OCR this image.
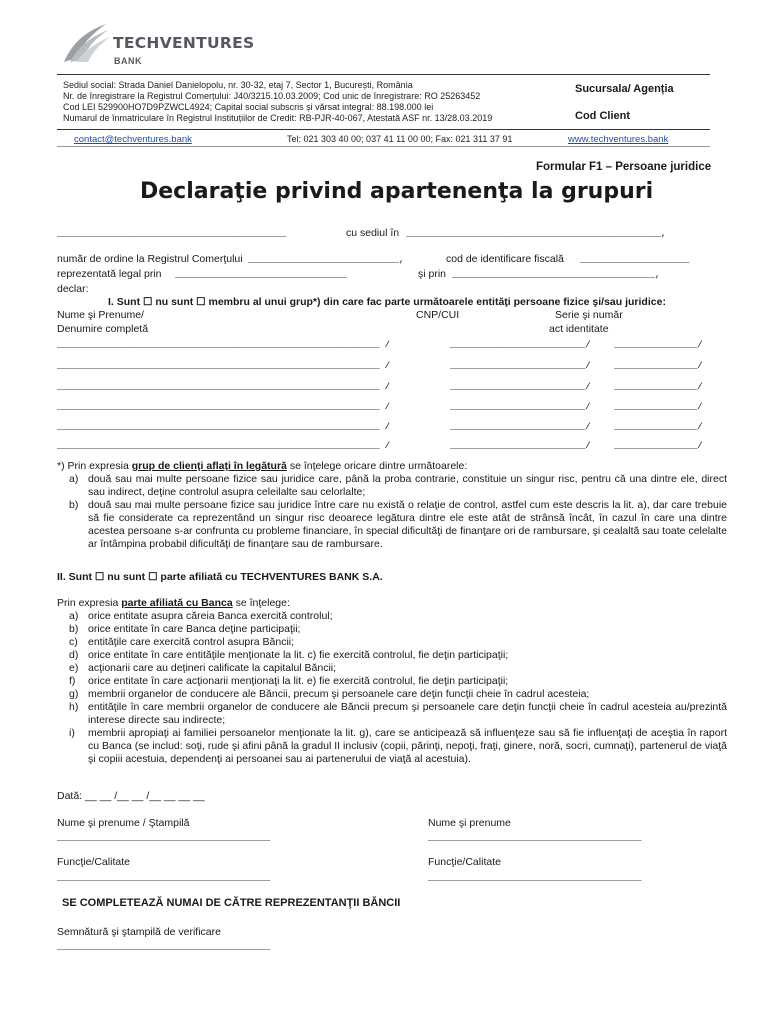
TECHVENTURES
BANK
Sediul social: Strada Daniel Danielopolu, nr. 30-32, etaj 7, Sector 1, București, România
Nr. de înregistrare la Registrul Comerțului: J40/3215.10.03.2009; Cod unic de înregistrare: RO 25263452
Cod LEI 529900HO7D9PZWCL4924; Capital social subscris și vărsat integral: 88.198.000 lei
Numarul de înmatriculare în Registrul Instituțiilor de Credit: RB-PJR-40-067, Atestată ASF nr. 13/28.03.2019
Sucursala/ Agenția
Cod Client
contact@techventures.bank	Tel: 021 303 40 00; 037 41 11 00 00; Fax: 021 311 37 91	www.techventures.bank
Formular F1 – Persoane juridice
Declaraţie privind apartenenţa la grupuri
____________________________________________	cu sediul în _________________________________________________,
număr de ordine la Registrul Comerţului _____________________________,	cod de identificare fiscală _____________________
reprezentată legal prin _________________________________	şi prin _______________________________________,
declar:
I. Sunt ☐ nu sunt ☐ membru al unui grup*) din care fac parte următoarele entităţi persoane fizice şi/sau juridice:
Nume şi Prenume/
Denumire completă
CNP/CUI	Serie şi număr
act identitate
______________________________________________________________ /	__________________________/	________________/
______________________________________________________________ /	__________________________/	________________/
______________________________________________________________ /	__________________________/	________________/
______________________________________________________________ /	__________________________/	________________/
______________________________________________________________ /	__________________________/	________________/
______________________________________________________________ /	__________________________/	________________/
*) Prin expresia grup de clienţi aflaţi în legătură se înţelege oricare dintre următoarele:
a) două sau mai multe persoane fizice sau juridice care, până la proba contrarie, constituie un singur risc, pentru că una dintre ele, direct sau indirect, deţine controlul asupra celeilalte sau celorlalte;
b) două sau mai multe persoane fizice sau juridice între care nu există o relaţie de control, astfel cum este descris la lit. a), dar care trebuie să fie considerate ca reprezentând un singur risc deoarece legătura dintre ele este atât de strânsă încât, în cazul în care una dintre acestea persoane s-ar confrunta cu probleme financiare, în special dificultăţi de finanţare ori de rambursare, şi cealaltă sau toate celelalte ar întâmpina probabil dificultăţi de finanţare sau de rambursare.
II. Sunt ☐ nu sunt ☐ parte afiliată cu TECHVENTURES BANK S.A.
Prin expresia parte afiliată cu Banca se înţelege:
a) orice entitate asupra căreia Banca exercită controlul;
b) orice entitate în care Banca deţine participaţii;
c) entităţile care exercită control asupra Băncii;
d) orice entitate în care entităţile menţionate la lit. c) fie exercită controlul, fie deţin participaţii;
e) acţionarii care au deţineri calificate la capitalul Băncii;
f) orice entitate în care acţionarii menţionaţi la lit. e) fie exercită controlul, fie deţin participaţii;
g) membrii organelor de conducere ale Băncii, precum şi persoanele care deţin funcţii cheie în cadrul acesteia;
h) entităţile în care membrii organelor de conducere ale Băncii precum şi persoanele care deţin funcţii cheie în cadrul acesteia au/prezintă interese directe sau indirecte;
i) membrii apropiaţi ai familiei persoanelor menţionate la lit. g), care se anticipează să influenţeze sau să fie influenţaţi de aceştia în raport cu Banca (se includ: soţi, rude şi afini până la gradul II inclusiv (copii, părinţi, nepoţi, fraţi, ginere, noră, socri, cumnaţi), partenerul de viaţă şi copiii acestuia, dependenţi ai persoanei sau ai partenerului de viaţă al acestuia).
Dată: __ __ /__ __ /__ __ __ __
Nume şi prenume / Ştampilă
_________________________________________
Nume şi prenume
_________________________________________
Funcţie/Calitate
_________________________________________
Funcţie/Calitate
_________________________________________
SE COMPLETEAZĂ NUMAI DE CĂTRE REPREZENTANŢII BĂNCII
Semnătură şi ştampilă de verificare
_________________________________________
